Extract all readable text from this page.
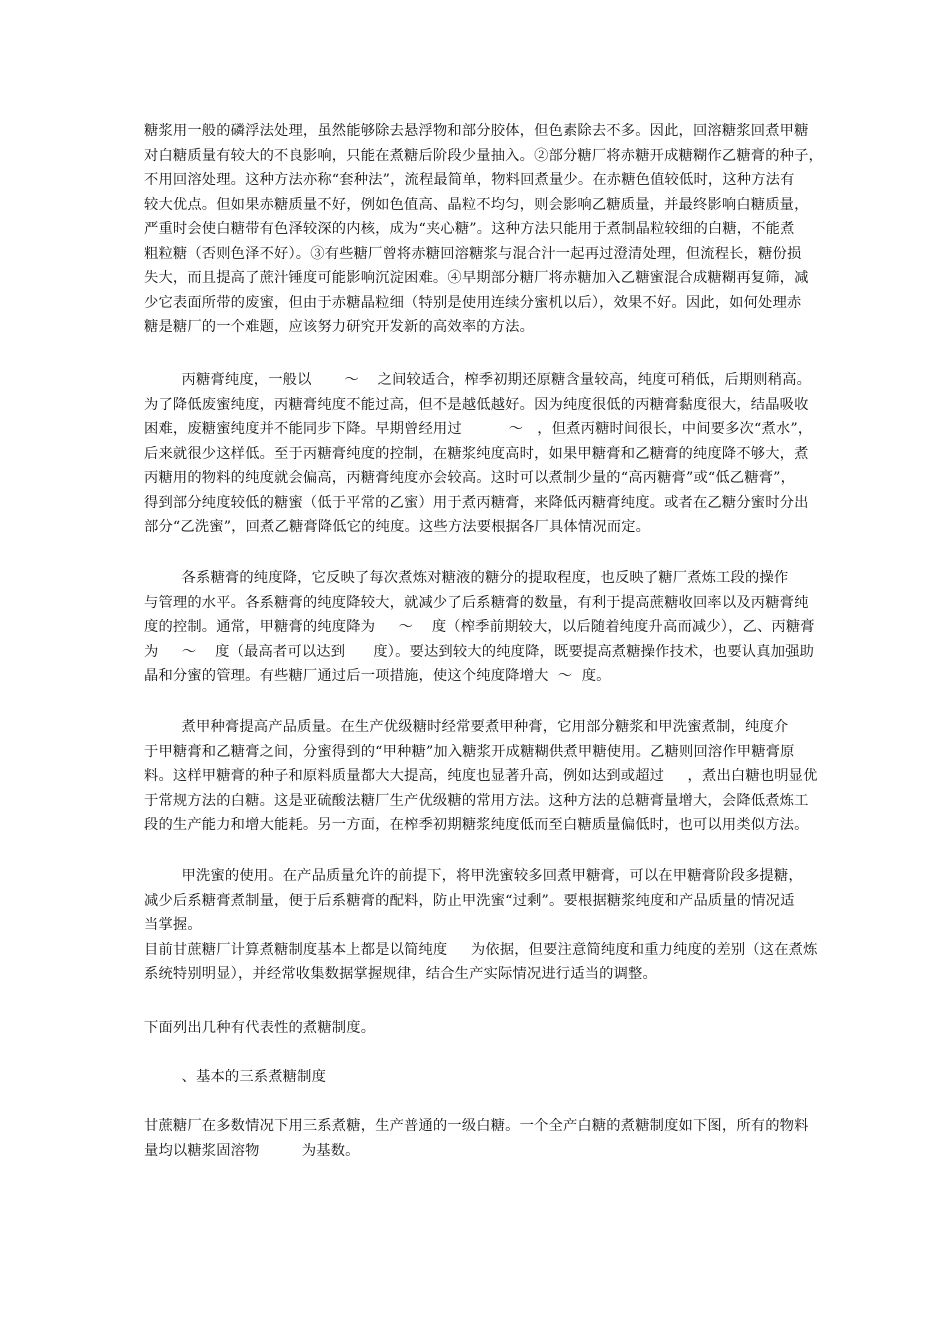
糖浆用一般的磷浮法处理，虽然能够除去悬浮物和部分胶体，但色素除去不多。因此，回溶糖浆回煮甲糖
对白糖质量有较大的不良影响，只能在煮糖后阶段少量抽入。②部分糖厂将赤糖开成糖糊作乙糖膏的种子，
不用回溶处理。这种方法亦称“套种法”，流程最简单，物料回煮量少。在赤糖色值较低时，这种方法有
较大优点。但如果赤糖质量不好，例如色值高、晶粒不均匀，则会影响乙糖质量，并最终影响白糖质量，
严重时会使白糖带有色泽较深的内核，成为“夹心糖”。这种方法只能用于煮制晶粒较细的白糖，不能煮
粗粒糖（否则色泽不好）。③有些糖厂曾将赤糖回溶糖浆与混合汁一起再过澄清处理，但流程长，糖份损
失大，而且提高了蔗汁锤度可能影响沉淀困难。④早期部分糖厂将赤糖加入乙糖蜜混合成糖糊再复筛，减
少它表面所带的废蜜，但由于赤糖晶粒细（特别是使用连续分蜜机以后），效果不好。因此，如何处理赤
糖是糖厂的一个难题，应该努力研究开发新的高效率的方法。
丙糖膏纯度，一般以       ～    之间较适合，榨季初期还原糖含量较高，纯度可稍低，后期则稍高。
为了降低废蜜纯度，丙糖膏纯度不能过高，但不是越低越好。因为纯度很低的丙糖膏黏度很大，结晶吸收
困难，废糖蜜纯度并不能同步下降。早期曾经用过          ～   ，但煮丙糖时间很长，中间要多次“煮水”，
后来就很少这样低。至于丙糖膏纯度的控制，在糖浆纯度高时，如果甲糖膏和乙糖膏的纯度降不够大，煮
丙糖用的物料的纯度就会偏高，丙糖膏纯度亦会较高。这时可以煮制少量的“高丙糖膏”或“低乙糖膏”，
得到部分纯度较低的糖蜜（低于平常的乙蜜）用于煮丙糖膏，来降低丙糖膏纯度。或者在乙糖分蜜时分出
部分“乙洗蜜”，回煮乙糖膏降低它的纯度。这些方法要根据各厂具体情况而定。
各系糖膏的纯度降，它反映了每次煮炼对糖液的糖分的提取程度，也反映了糖厂煮炼工段的操作
与管理的水平。各系糖膏的纯度降较大，就减少了后系糖膏的数量，有利于提高蔗糖收回率以及丙糖膏纯
度的控制。通常，甲糖膏的纯度降为     ～    度（榨季前期较大，以后随着纯度升高而减少），乙、丙糖膏
为     ～    度（最高者可以达到      度）。要达到较大的纯度降，既要提高煮糖操作技术，也要认真加强助
晶和分蜜的管理。有些糖厂通过后一项措施，使这个纯度降增大  ～  度。
煮甲种膏提高产品质量。在生产优级糖时经常要煮甲种膏，它用部分糖浆和甲洗蜜煮制，纯度介
于甲糖膏和乙糖膏之间，分蜜得到的“甲种糖”加入糖浆开成糖糊供煮甲糖使用。乙糖则回溶作甲糖膏原
料。这样甲糖膏的种子和原料质量都大大提高，纯度也显著升高，例如达到或超过     ，煮出白糖也明显优
于常规方法的白糖。这是亚硫酸法糖厂生产优级糖的常用方法。这种方法的总糖膏量增大，会降低煮炼工
段的生产能力和增大能耗。另一方面，在榨季初期糖浆纯度低而至白糖质量偏低时，也可以用类似方法。
甲洗蜜的使用。在产品质量允许的前提下，将甲洗蜜较多回煮甲糖膏，可以在甲糖膏阶段多提糖，
减少后系糖膏煮制量，便于后系糖膏的配料，防止甲洗蜜“过剩”。要根据糖浆纯度和产品质量的情况适
当掌握。
目前甘蔗糖厂计算煮糖制度基本上都是以简纯度     为依据，但要注意简纯度和重力纯度的差别（这在煮炼
系统特别明显），并经常收集数据掌握规律，结合生产实际情况进行适当的调整。
下面列出几种有代表性的煮糖制度。
、基本的三系煮糖制度
甘蔗糖厂在多数情况下用三系煮糖，生产普通的一级白糖。一个全产白糖的煮糖制度如下图，所有的物料
量均以糖浆固溶物         为基数。
